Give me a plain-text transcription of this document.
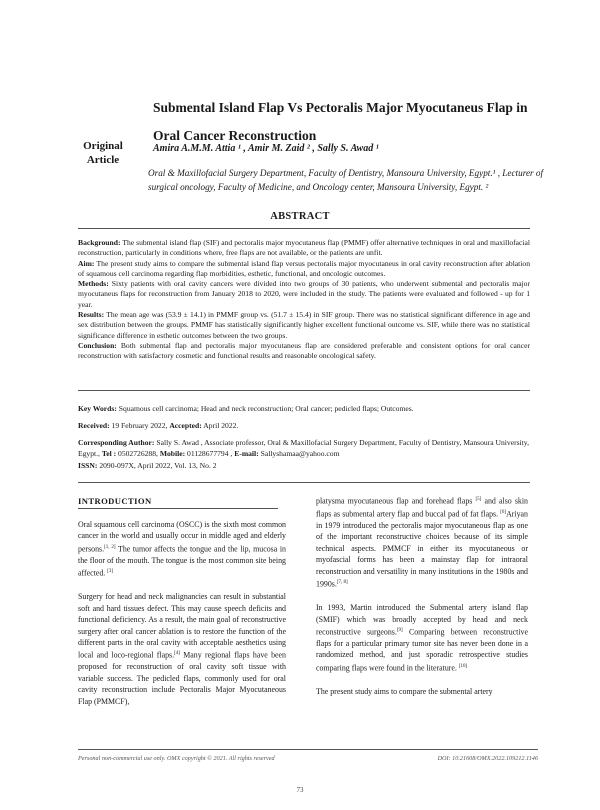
Submental Island Flap Vs Pectoralis Major Myocutaneus Flap in Oral Cancer Reconstruction
Original Article
Amira A.M.M. Attia ¹ , Amir M. Zaid ² , Sally S. Awad ¹
Oral & Maxillofacial Surgery Department, Faculty of Dentistry, Mansoura University, Egypt.¹ , Lecturer of surgical oncology, Faculty of Medicine, and Oncology center, Mansoura University, Egypt. ²
ABSTRACT

Background: The submental island flap (SIF) and pectoralis major myocutaneus flap (PMMF) offer alternative techniques in oral and maxillofacial reconstruction, particularly in conditions where, free flaps are not available, or the patients are unfit.

Aim: The present study aims to compare the submental island flap versus pectoralis major myocutaneus in oral cavity reconstruction after ablation of squamous cell carcinoma regarding flap morbidities, esthetic, functional, and oncologic outcomes.

Methods: Sixty patients with oral cavity cancers were divided into two groups of 30 patients, who underwent submental and pectoralis major myocutaneus flaps for reconstruction from January 2018 to 2020, were included in the study. The patients were evaluated and followed - up for 1 year.

Results: The mean age was (53.9 ± 14.1) in PMMF group vs. (51.7 ± 15.4) in SIF group. There was no statistical significant difference in age and sex distribution between the groups. PMMF has statistically significantly higher excellent functional outcome vs. SIF, while there was no statistical significance difference in esthetic outcomes between the two groups.

Conclusion: Both submental flap and pectoralis major myocutaneus flap are considered preferable and consistent options for oral cancer reconstruction with satisfactory cosmetic and functional results and reasonable oncological safety.

Key Words: Squamous cell carcinoma; Head and neck reconstruction; Oral cancer; pedicled flaps; Outcomes.
Received: 19 February 2022, Accepted: April 2022.
Corresponding Author: Sally S. Awad , Associate professor, Oral & Maxillofacial Surgery Department, Faculty of Dentistry, Mansoura University, Egypt., Tel : 0502726288, Mobile: 01128677794 , E-mail: Sallyshamaa@yahoo.com
ISSN: 2090-097X, April 2022, Vol. 13, No. 2
INTRODUCTION

Oral squamous cell carcinoma (OSCC) is the sixth most common cancer in the world and usually occur in middle aged and elderly persons.[1, 2] The tumor affects the tongue and the lip, mucosa in the floor of the mouth. The tongue is the most common site being affected. [3]

Surgery for head and neck malignancies can result in substantial soft and hard tissues defect. This may cause speech deficits and functional deficiency. As a result, the main goal of reconstructive surgery after oral cancer ablation is to restore the function of the different parts in the oral cavity with acceptable aesthetics using local and loco-regional flaps.[4] Many regional flaps have been proposed for reconstruction of oral cavity soft tissue with variable success. The pedicled flaps, commonly used for oral cavity reconstruction include Pectoralis Major Myocutaneous Flap (PMMCF),

platysma myocutaneous flap and forehead flaps [5] and also skin flaps as submental artery flap and buccal pad of fat flaps. [6]Ariyan in 1979 introduced the pectoralis major myocutaneous flap as one of the important reconstructive choices because of its simple technical aspects. PMMCF in either its myocutaneous or myofascial forms has been a mainstay flap for intraoral reconstruction and versatility in many institutions in the 1980s and 1990s.[7, 8]

In 1993, Martin introduced the Submental artery island flap (SMIF) which was broadly accepted by head and neck reconstructive surgeons.[9] Comparing between reconstructive flaps for a particular primary tumor site has never been done in a randomized method, and just sporadic retrospective studies comparing flaps were found in the literature. [10]

The present study aims to compare the submental artery

Personal non-commercial use only. OMX copyright © 2021. All rights reserved	DOI: 10.21608/OMX.2022.109212.1146
73
